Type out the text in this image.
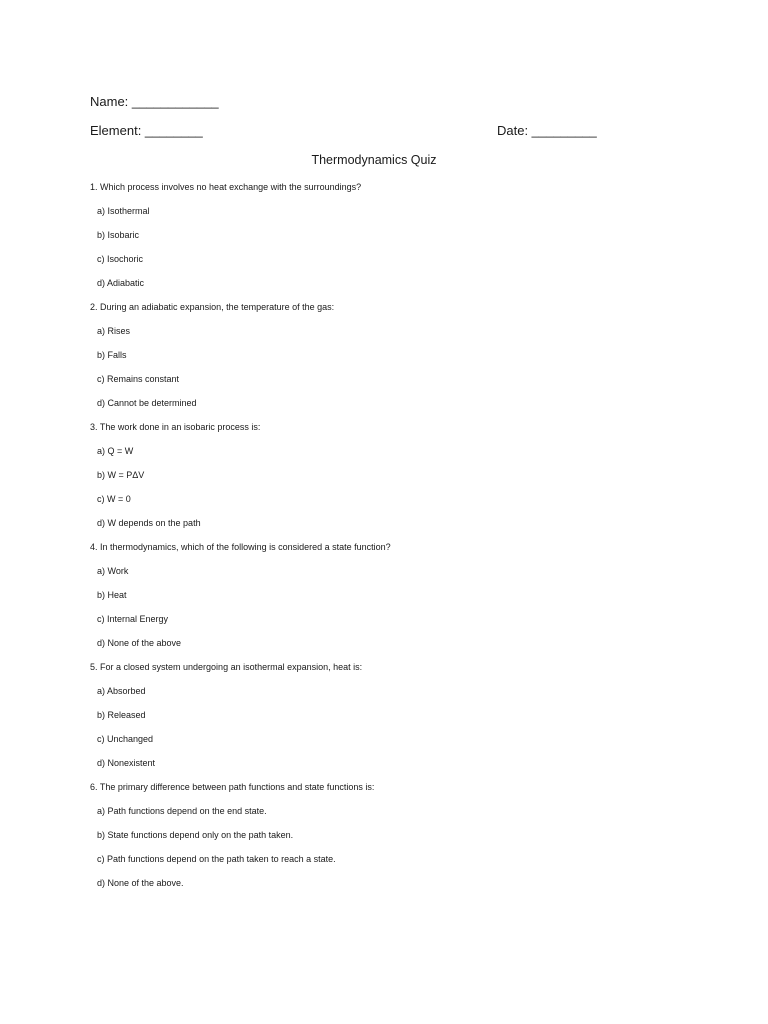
Name: ____________
Element: ________	Date: _________
Thermodynamics Quiz
1. Which process involves no heat exchange with the surroundings?
a) Isothermal
b) Isobaric
c) Isochoric
d) Adiabatic
2. During an adiabatic expansion, the temperature of the gas:
a) Rises
b) Falls
c) Remains constant
d) Cannot be determined
3. The work done in an isobaric process is:
a) Q = W
b) W = PΔV
c) W = 0
d) W depends on the path
4. In thermodynamics, which of the following is considered a state function?
a) Work
b) Heat
c) Internal Energy
d) None of the above
5. For a closed system undergoing an isothermal expansion, heat is:
a) Absorbed
b) Released
c) Unchanged
d) Nonexistent
6. The primary difference between path functions and state functions is:
a) Path functions depend on the end state.
b) State functions depend only on the path taken.
c) Path functions depend on the path taken to reach a state.
d) None of the above.
